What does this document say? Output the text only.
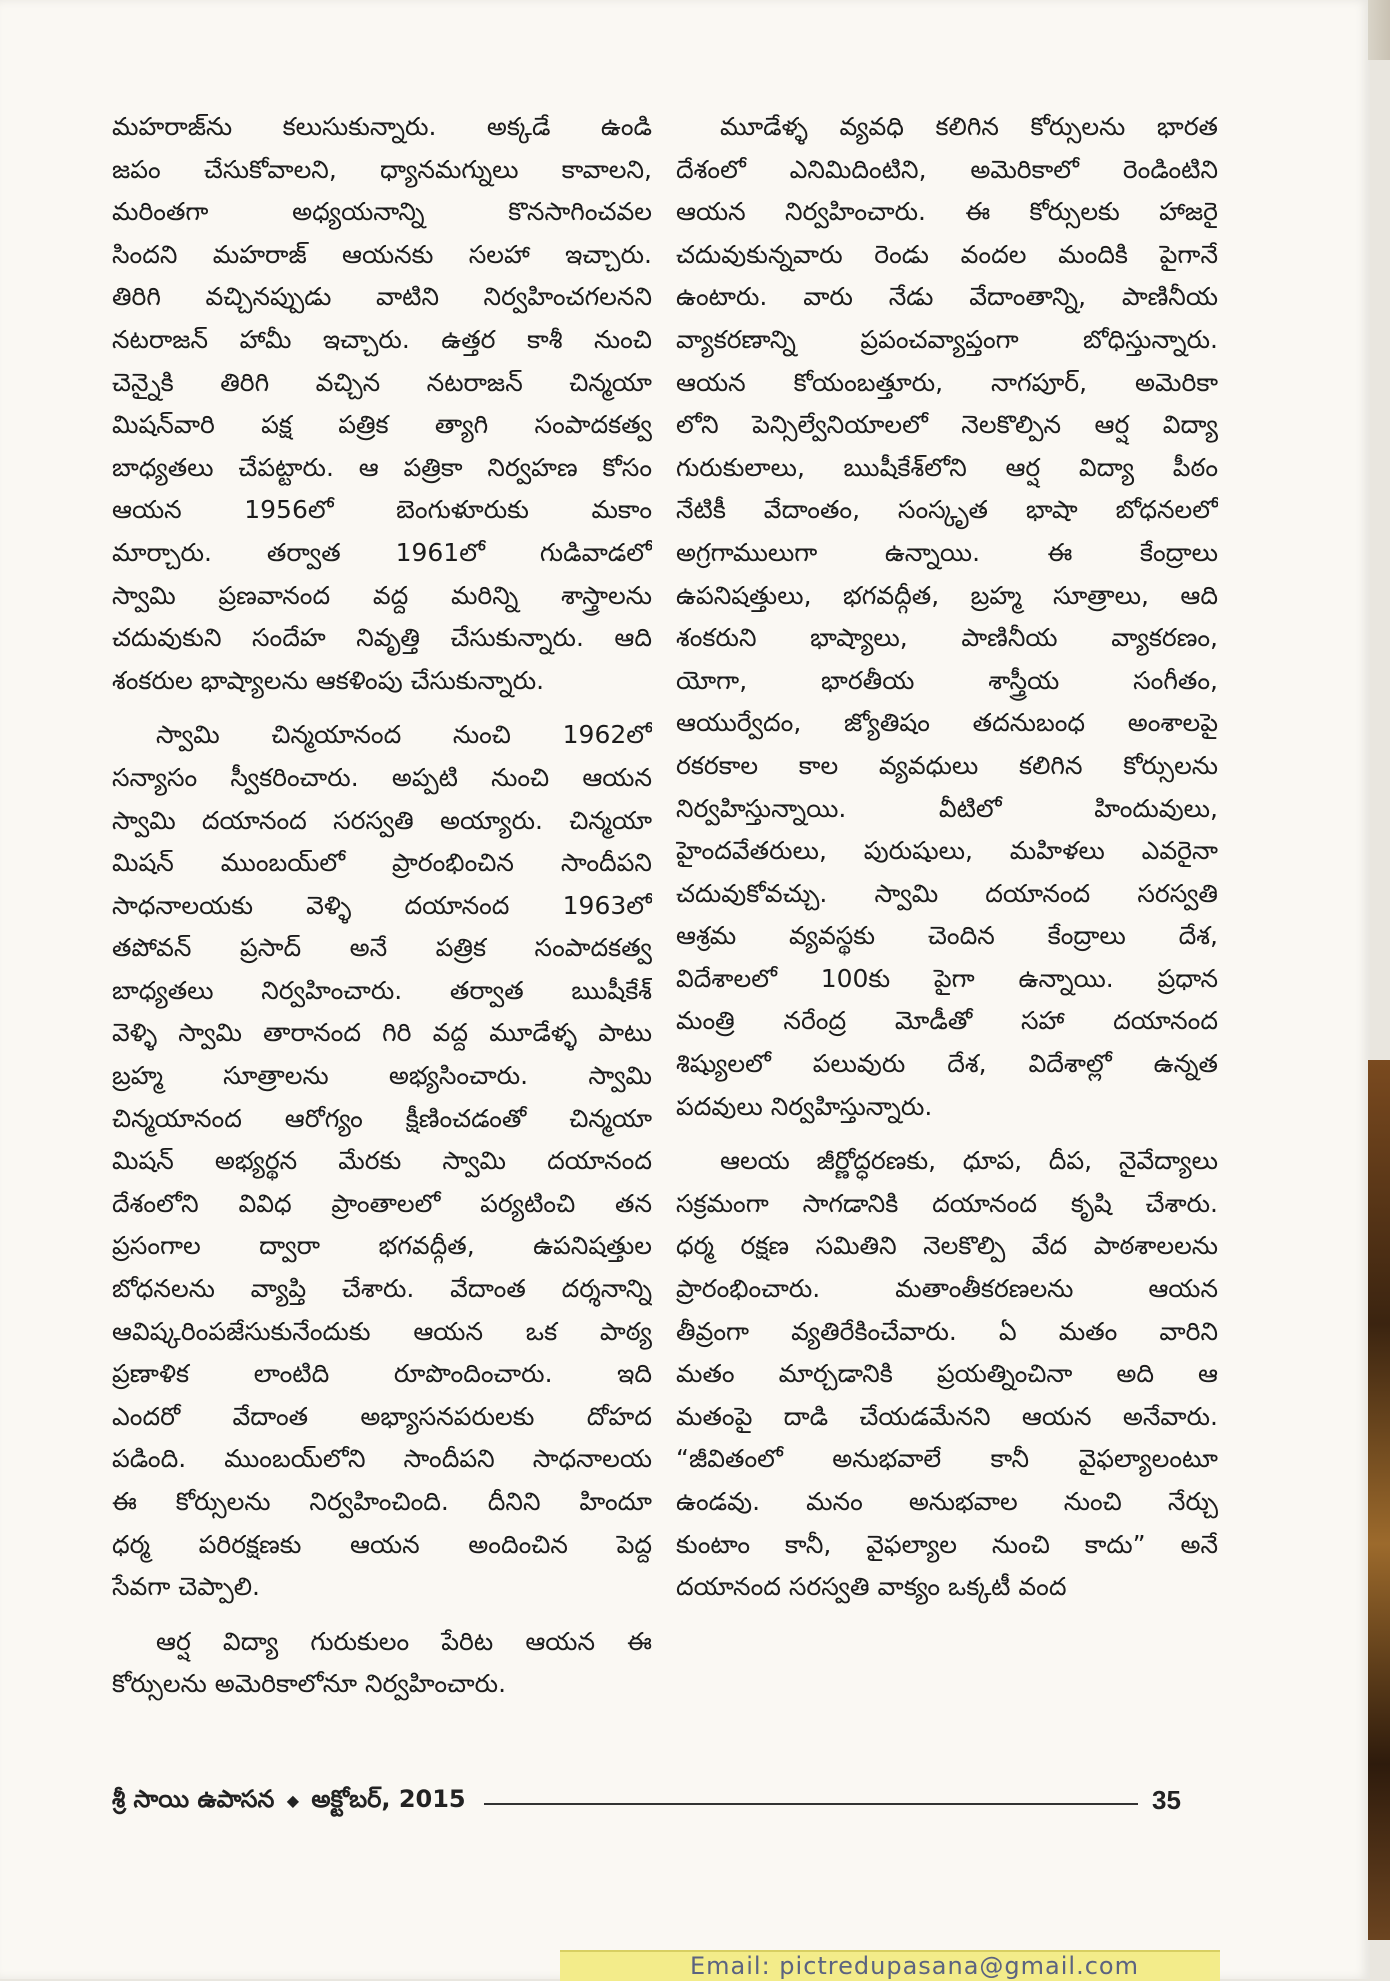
మహరాజ్‌ను కలుసుకున్నారు. అక్కడే ఉండి
జపం చేసుకోవాలని, ధ్యానమగ్నులు కావాలని,
మరింతగా అధ్యయనాన్ని కొనసాగించవల
సిందని మహరాజ్ ఆయనకు సలహా ఇచ్చారు.
తిరిగి వచ్చినప్పుడు వాటిని నిర్వహించగలనని
నటరాజన్ హామీ ఇచ్చారు. ఉత్తర కాశీ నుంచి
చెన్నైకి తిరిగి వచ్చిన నటరాజన్ చిన్మయా
మిషన్‌వారి పక్ష పత్రిక త్యాగి సంపాదకత్వ
బాధ్యతలు చేపట్టారు. ఆ పత్రికా నిర్వహణ కోసం
ఆయన 1956లో బెంగుళూరుకు మకాం
మార్చారు. తర్వాత 1961లో గుడివాడలో
స్వామి ప్రణవానంద వద్ద మరిన్ని శాస్త్రాలను
చదువుకుని సందేహ నివృత్తి చేసుకున్నారు. ఆది
శంకరుల భాష్యాలను ఆకళింపు చేసుకున్నారు.
స్వామి చిన్మయానంద నుంచి 1962లో
సన్యాసం స్వీకరించారు. అప్పటి నుంచి ఆయన
స్వామి దయానంద సరస్వతి అయ్యారు. చిన్మయా
మిషన్ ముంబయ్‌లో ప్రారంభించిన సాందీపని
సాధనాలయకు వెళ్ళి దయానంద 1963లో
తపోవన్ ప్రసాద్ అనే పత్రిక సంపాదకత్వ
బాధ్యతలు నిర్వహించారు. తర్వాత ఋషీకేశ్
వెళ్ళి స్వామి తారానంద గిరి వద్ద మూడేళ్ళ పాటు
బ్రహ్మ సూత్రాలను అభ్యసించారు. స్వామి
చిన్మయానంద ఆరోగ్యం క్షీణించడంతో చిన్మయా
మిషన్ అభ్యర్థన మేరకు స్వామి దయానంద
దేశంలోని వివిధ ప్రాంతాలలో పర్యటించి తన
ప్రసంగాల ద్వారా భగవద్గీత, ఉపనిషత్తుల
బోధనలను వ్యాప్తి చేశారు. వేదాంత దర్శనాన్ని
ఆవిష్కరింపజేసుకునేందుకు ఆయన ఒక పాఠ్య
ప్రణాళిక లాంటిది రూపొందించారు. ఇది
ఎందరో వేదాంత అభ్యాసనపరులకు దోహద
పడింది. ముంబయ్‌లోని సాందీపని సాధనాలయ
ఈ కోర్సులను నిర్వహించింది. దీనిని హిందూ
ధర్మ పరిరక్షణకు ఆయన అందించిన పెద్ద
సేవగా చెప్పాలి.
ఆర్ష విద్యా గురుకులం పేరిట ఆయన ఈ
కోర్సులను అమెరికాలోనూ నిర్వహించారు.
మూడేళ్ళ వ్యవధి కలిగిన కోర్సులను భారత
దేశంలో ఎనిమిదింటిని, అమెరికాలో రెండింటిని
ఆయన నిర్వహించారు. ఈ కోర్సులకు హాజరై
చదువుకున్నవారు రెండు వందల మందికి పైగానే
ఉంటారు. వారు నేడు వేదాంతాన్ని, పాణినీయ
వ్యాకరణాన్ని ప్రపంచవ్యాప్తంగా బోధిస్తున్నారు.
ఆయన కోయంబత్తూరు, నాగపూర్, అమెరికా
లోని పెన్సిల్వేనియాలలో నెలకొల్పిన ఆర్ష విద్యా
గురుకులాలు, ఋషీకేశ్‌లోని ఆర్ష విద్యా పీఠం
నేటికీ వేదాంతం, సంస్కృత భాషా బోధనలలో
అగ్రగాములుగా ఉన్నాయి. ఈ కేంద్రాలు
ఉపనిషత్తులు, భగవద్గీత, బ్రహ్మ సూత్రాలు, ఆది
శంకరుని భాష్యాలు, పాణినీయ వ్యాకరణం,
యోగా, భారతీయ శాస్త్రీయ సంగీతం,
ఆయుర్వేదం, జ్యోతిషం తదనుబంధ అంశాలపై
రకరకాల కాల వ్యవధులు కలిగిన కోర్సులను
నిర్వహిస్తున్నాయి. వీటిలో హిందువులు,
హైందవేతరులు, పురుషులు, మహిళలు ఎవరైనా
చదువుకోవచ్చు. స్వామి దయానంద సరస్వతి
ఆశ్రమ వ్యవస్థకు చెందిన కేంద్రాలు దేశ,
విదేశాలలో 100కు పైగా ఉన్నాయి. ప్రధాన
మంత్రి నరేంద్ర మోడీతో సహా దయానంద
శిష్యులలో పలువురు దేశ, విదేశాల్లో ఉన్నత
పదవులు నిర్వహిస్తున్నారు.
ఆలయ జీర్ణోద్ధరణకు, ధూప, దీప, నైవేద్యాలు
సక్రమంగా సాగడానికి దయానంద కృషి చేశారు.
ధర్మ రక్షణ సమితిని నెలకొల్పి వేద పాఠశాలలను
ప్రారంభించారు. మతాంతీకరణలను ఆయన
తీవ్రంగా వ్యతిరేకించేవారు. ఏ మతం వారిని
మతం మార్చడానికి ప్రయత్నించినా అది ఆ
మతంపై దాడి చేయడమేనని ఆయన అనేవారు.
“జీవితంలో అనుభవాలే కానీ వైఫల్యాలంటూ
ఉండవు. మనం అనుభవాల నుంచి నేర్చు
కుంటాం కానీ, వైఫల్యాల నుంచి కాదు” అనే
దయానంద సరస్వతి వాక్యం ఒక్కటీ వంద
శ్రీ సాయి ఉపాసన ◆ అక్టోబర్, 2015	35
Email: pictredupasana@gmail.com
